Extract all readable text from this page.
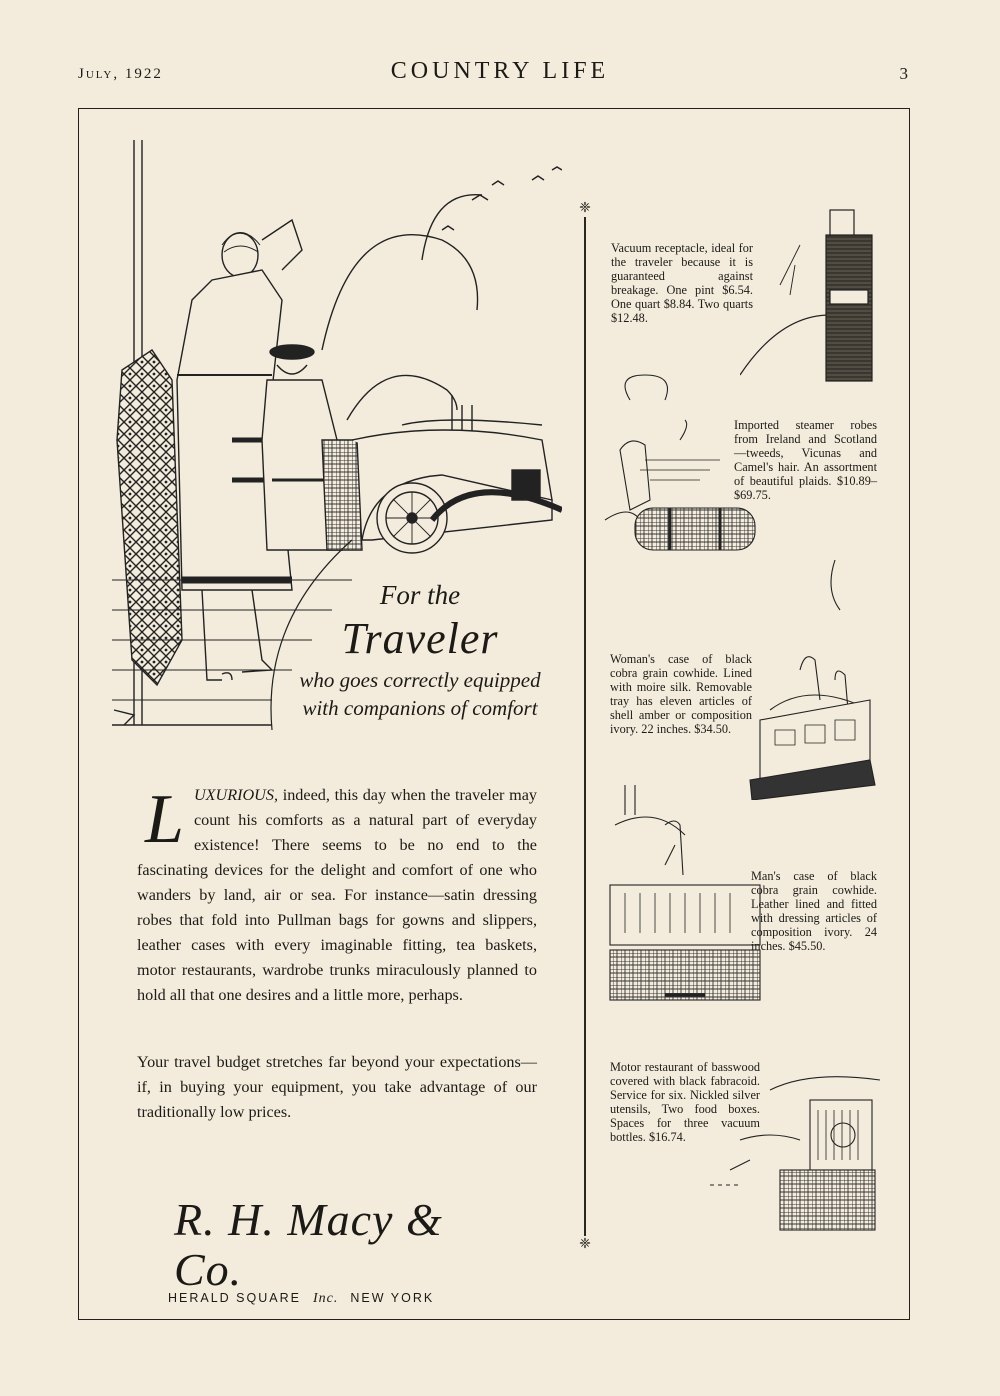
July, 1922	COUNTRY LIFE	3
For the
Traveler
who goes correctly equipped
with companions of comfort
LUXURIOUS, indeed, this day when the traveler may count his comforts as a natural part of everyday existence! There seems to be no end to the fascinating devices for the delight and comfort of one who wanders by land, air or sea. For instance—satin dressing robes that fold into Pullman bags for gowns and slippers, leather cases with every imaginable fitting, tea baskets, motor restaurants, wardrobe trunks miraculously planned to hold all that one desires and a little more, perhaps.
Your travel budget stretches far beyond your expectations—if, in buying your equipment, you take advantage of our traditionally low prices.
R. H. Macy & Co.
HERALD SQUARE Inc. NEW YORK
❈
❈
Vacuum receptacle, ideal for the traveler because it is guaranteed against breakage. One pint $6.54. One quart $8.84. Two quarts $12.48.
Imported steamer robes from Ireland and Scotland —tweeds, Vicunas and Camel's hair. An assortment of beautiful plaids. $10.89–$69.75.
Woman's case of black cobra grain cowhide. Lined with moire silk. Removable tray has eleven articles of shell amber or composition ivory. 22 inches. $34.50.
Man's case of black cobra grain cowhide. Leather lined and fitted with dressing articles of composition ivory. 24 inches. $45.50.
Motor restaurant of basswood covered with black fabracoid. Service for six. Nickled silver utensils, Two food boxes. Spaces for three vacuum bottles. $16.74.
